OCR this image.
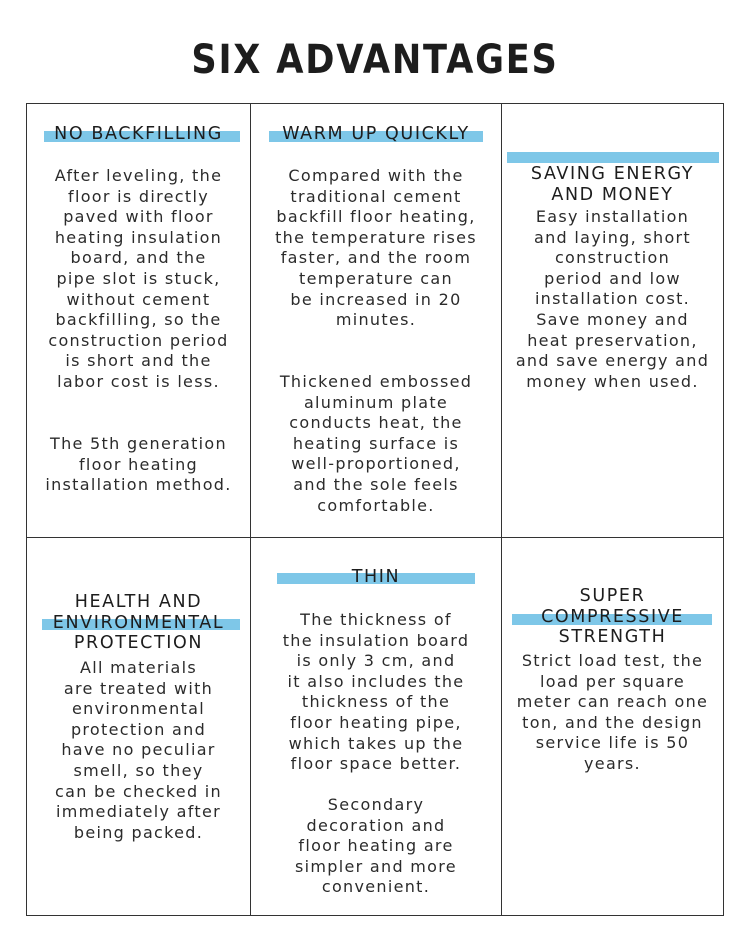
SIX ADVANTAGES
NO BACKFILLING
After leveling, the
floor is directly
paved with floor
heating insulation
board, and the
pipe slot is stuck,
without cement
backfilling, so the
construction period
is short and the
labor cost is less.
The 5th generation
floor heating
installation method.
WARM UP QUICKLY
Compared with the
traditional cement
backfill floor heating,
the temperature rises
faster, and the room
temperature can
be increased in 20
minutes.
Thickened embossed
aluminum plate
conducts heat, the
heating surface is
well-proportioned,
and the sole feels
comfortable.

SAVING ENERGY
AND MONEY

Easy installation
and laying, short
construction
period and low
installation cost.
Save money and
heat preservation,
and save energy and
money when used.

HEALTH AND
ENVIRONMENTAL
PROTECTION

All materials
are treated with
environmental
protection and
have no peculiar
smell, so they
can be checked in
immediately after
being packed.
THIN
The thickness of
the insulation board
is only 3 cm, and
it also includes the
thickness of the
floor heating pipe,
which takes up the
floor space better.
Secondary
decoration and
floor heating are
simpler and more
convenient.

SUPER
COMPRESSIVE
STRENGTH

Strict load test, the
load per square
meter can reach one
ton, and the design
service life is 50
years.
